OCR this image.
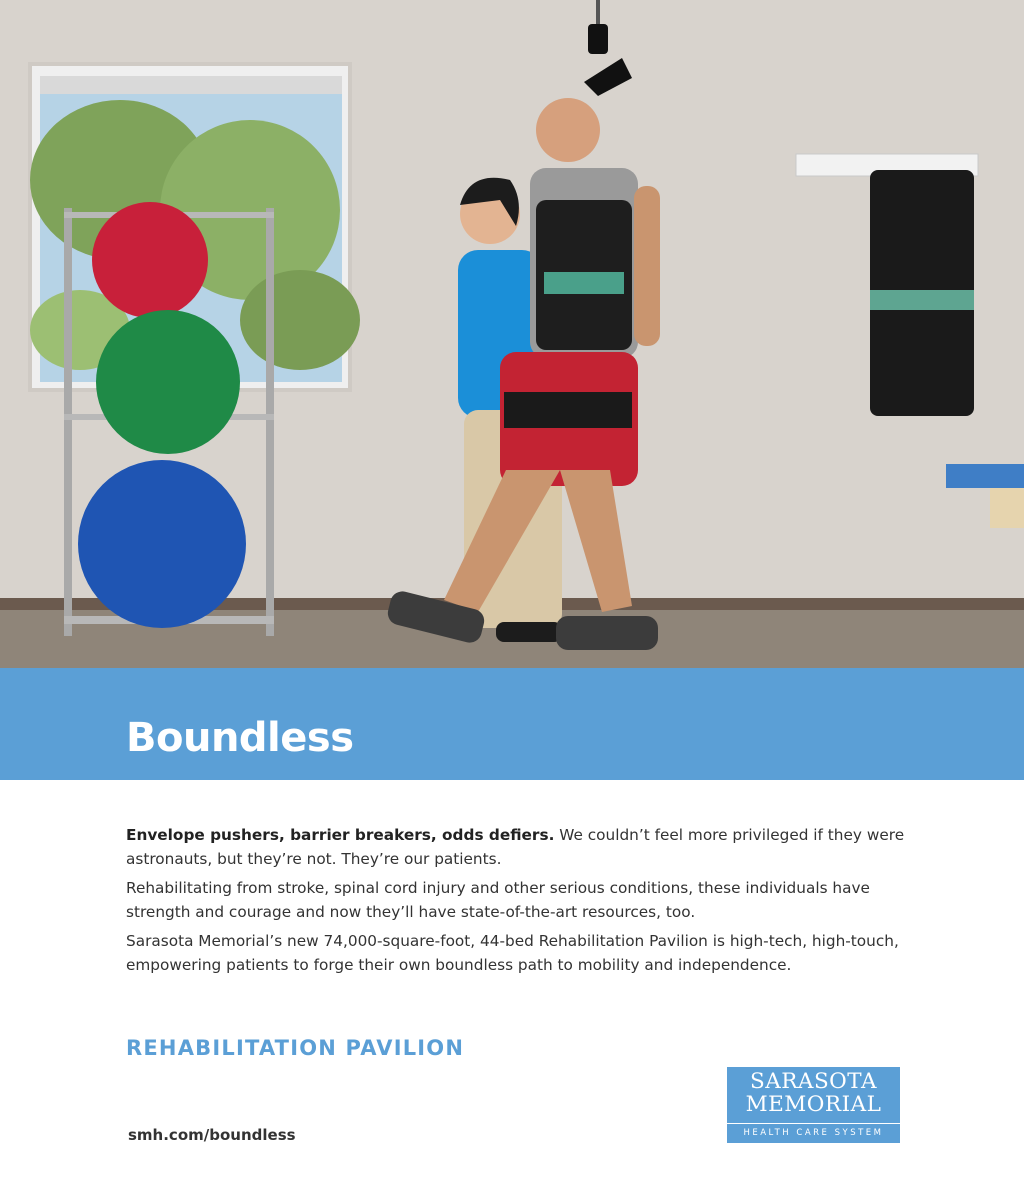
Boundless

Envelope pushers, barrier breakers, odds defiers. We couldn’t feel more privileged if they were astronauts, but they’re not. They’re our patients.

Rehabilitating from stroke, spinal cord injury and other serious conditions, these individuals have strength and courage and now they’ll have state-of-the-art resources, too.

Sarasota Memorial’s new 74,000-square-foot, 44-bed Rehabilitation Pavilion is high-tech, high-touch, empowering patients to forge their own boundless path to mobility and independence.

REHABILITATION PAVILION
smh.com/boundless
SARASOTA
MEMORIAL
HEALTH CARE SYSTEM
